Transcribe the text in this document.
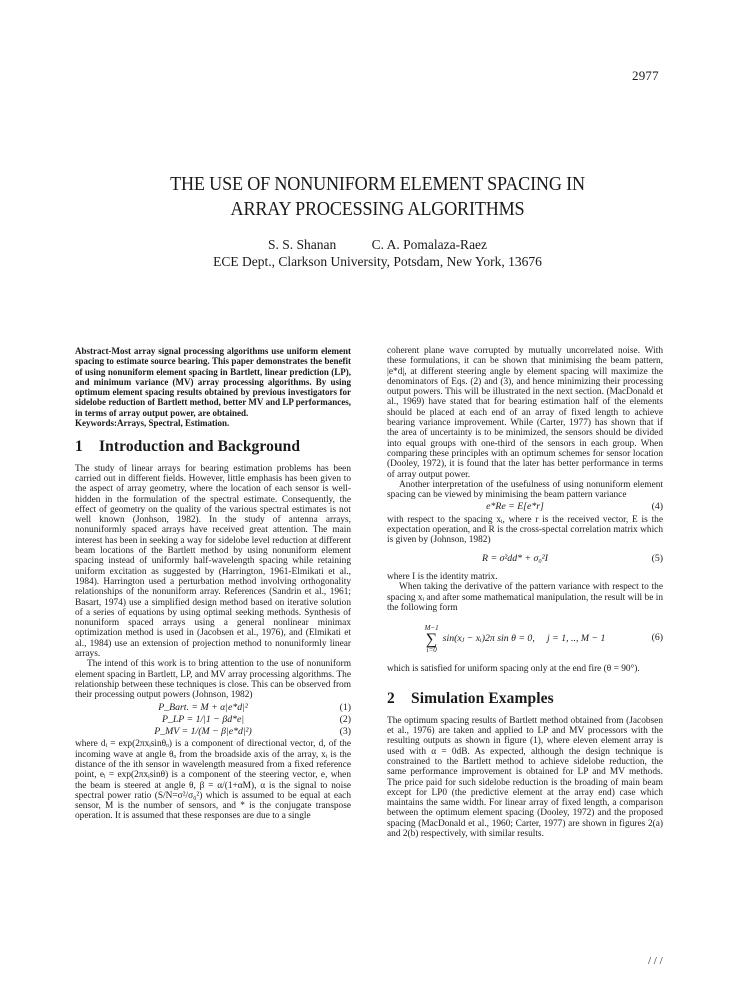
2977
THE USE OF NONUNIFORM ELEMENT SPACING IN
ARRAY PROCESSING ALGORITHMS
S. S. Shanan	C. A. Pomalaza-Raez
ECE Dept., Clarkson University, Potsdam, New York, 13676

Abstract-Most array signal processing algorithms use uniform element spacing to estimate source bearing. This paper demonstrates the benefit of using nonuniform element spacing in Bartlett, linear prediction (LP), and minimum variance (MV) array processing algorithms. By using optimum element spacing results obtained by previous investigators for sidelobe reduction of Bartlett method, better MV and LP performances, in terms of array output power, are obtained.

Keywords:Arrays, Spectral, Estimation.

1 Introduction and Background

The study of linear arrays for bearing estimation problems has been carried out in different fields. However, little emphasis has been given to the aspect of array geometry, where the location of each sensor is well-hidden in the formulation of the spectral estimate. Consequently, the effect of geometry on the quality of the various spectral estimates is not well known (Jonhson, 1982). In the study of antenna arrays, nonuniformly spaced arrays have received great attention. The main interest has been in seeking a way for sidelobe level reduction at different beam locations of the Bartlett method by using nonuniform element spacing instead of uniformly half-wavelength spacing while retaining uniform excitation as suggested by (Harrington, 1961-Elmikati et al., 1984). Harrington used a perturbation method involving orthogonality relationships of the nonuniform array. References (Sandrin et al., 1961; Basart, 1974) use a simplified design method based on iterative solution of a series of equations by using optimal seeking methods. Synthesis of nonuniform spaced arrays using a general nonlinear minimax optimization method is used in (Jacobsen et al., 1976), and (Elmikati et al., 1984) use an extension of projection method to nonuniformly linear arrays.

The intend of this work is to bring attention to the use of nonuniform element spacing in Bartlett, LP, and MV array processing algorithms. The relationship between these techniques is close. This can be observed from their processing output powers (Johnson, 1982)

P_Bart. = M + α|e*d|²	(1)
P_LP = 1/|1 − βd*e|	(2)
P_MV = 1/(M − β|e*d|²)	(3)

where dᵢ = exp(2πxᵢsinθₒ) is a component of directional vector, d, of the incoming wave at angle θₒ from the broadside axis of the array, xᵢ is the distance of the ith sensor in wavelength measured from a fixed reference point, eᵢ = exp(2πxᵢsinθ) is a component of the steering vector, e, when the beam is steered at angle θ, β = α/(1+αM), α is the signal to noise spectral power ratio (S/N=σ²/σ₀²) which is assumed to be equal at each sensor, M is the number of sensors, and * is the conjugate transpose operation. It is assumed that these responses are due to a single

coherent plane wave corrupted by mutually uncorrelated noise. With these formulations, it can be shown that minimising the beam pattern, |e*d|, at different steering angle by element spacing will maximize the denominators of Eqs. (2) and (3), and hence minimizing their processing output powers. This will be illustrated in the next section. (MacDonald et al., 1969) have stated that for bearing estimation half of the elements should be placed at each end of an array of fixed length to achieve bearing variance improvement. While (Carter, 1977) has shown that if the area of uncertainty is to be minimized, the sensors should be divided into equal groups with one-third of the sensors in each group. When comparing these principles with an optimum schemes for sensor location (Dooley, 1972), it is found that the later has better performance in terms of array output power.

Another interpretation of the usefulness of using nonuniform element spacing can be viewed by minimising the beam pattern variance

e*Re = E[e*r]	(4)

with respect to the spacing xᵢ, where r is the received vector, E is the expectation operation, and R is the cross-spectal correlation matrix which is given by (Johnson, 1982)

R = σ²dd* + σ₀²I	(5)

where I is the identity matrix.

When taking the derivative of the pattern variance with respect to the spacing xᵢ and after some mathematical manipulation, the result will be in the following form

M−1
∑
i=0
sin(xⱼ − xᵢ)2π sin θ = 0,     j = 1, .., M − 1	(6)

which is satisfied for uniform spacing only at the end fire (θ = 90°).

2 Simulation Examples

The optimum spacing results of Bartlett method obtained from (Jacobsen et al., 1976) are taken and applied to LP and MV processors with the resulting outputs as shown in figure (1), where eleven element array is used with α = 0dB. As expected, although the design technique is constrained to the Bartlett method to achieve sidelobe reduction, the same performance improvement is obtained for LP and MV methods. The price paid for such sidelobe reduction is the broading of main beam except for LP0 (the predictive element at the array end) case which maintains the same width. For linear array of fixed length, a comparison between the optimum element spacing (Dooley, 1972) and the proposed spacing (MacDonald et al., 1960; Carter, 1977) are shown in figures 2(a) and 2(b) respectively, with similar results.

/ / /
